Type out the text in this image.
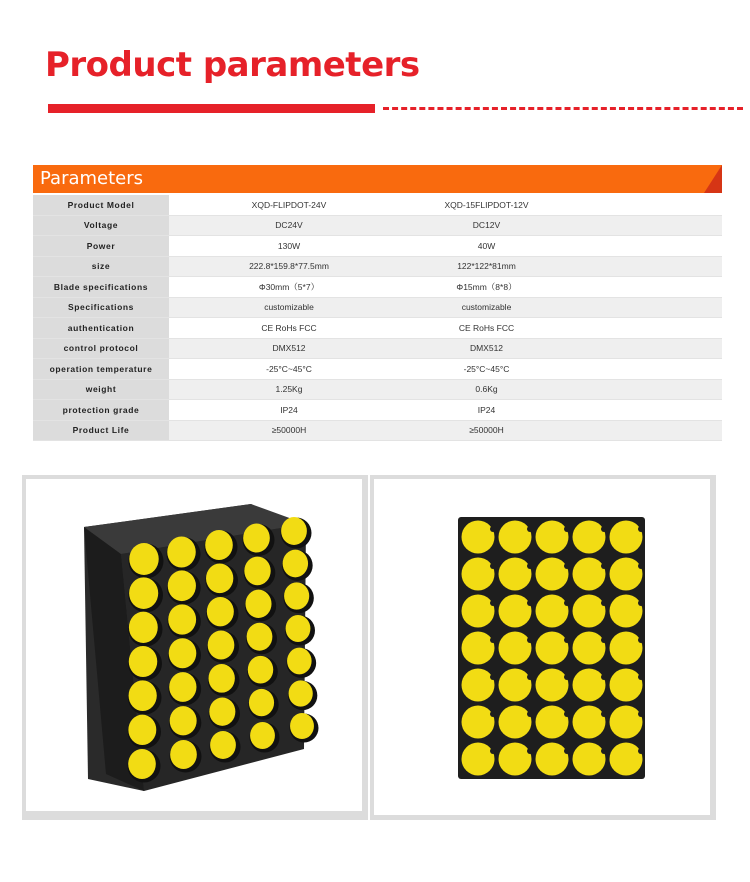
Product parameters
Parameters
Product Model	XQD-FLIPDOT-24V	XQD-15FLIPDOT-12V	
Voltage	DC24V	DC12V	
Power	130W	40W	
size	222.8*159.8*77.5mm	122*122*81mm	
Blade specifications	Φ30mm（5*7）	Φ15mm（8*8）	
Specifications	customizable	customizable	
authentication	CE RoHs FCC	CE RoHs FCC	
control protocol	DMX512	DMX512	
operation temperature	-25°C~45°C	-25°C~45°C	
weight	1.25Kg	0.6Kg	
protection grade	IP24	IP24	
Product Life	≥50000H	≥50000H	
